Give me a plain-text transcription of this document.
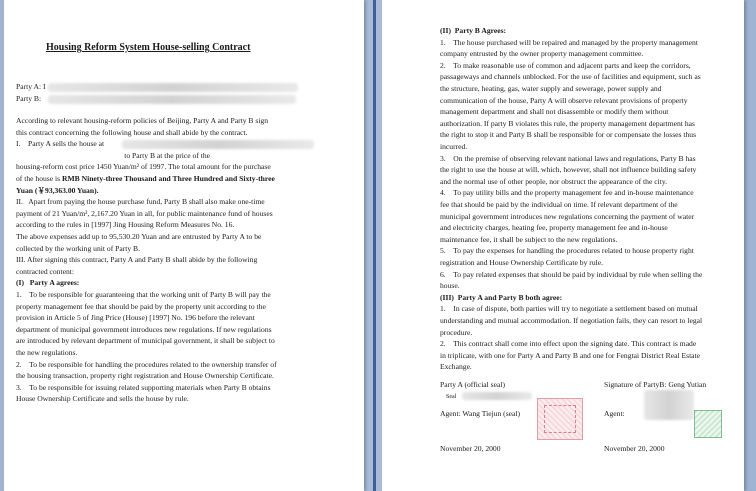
Housing Reform System House-selling Contract
Party A: I
Party B:
According to relevant housing-reform policies of Beijing, Party A and Party B sign
this contract concerning the following house and shall abide by the contract.
I.    Party A sells the house at
to Party B at the price of the
housing-reform cost price 1450 Yuan/m² of 1997. The total amount for the purchase
of the house is RMB Ninety-three Thousand and Three Hundred and Sixty-three
Yuan (￥93,363.00 Yuan).
II.   Apart from paying the house purchase fund, Party B shall also make one-time
payment of 21 Yuan/m², 2,167.20 Yuan in all, for public maintenance fund of houses
according to the rules in [1997] Jing Housing Reform Measures No. 16.
The above expenses add up to 95,530.20 Yuan and are entrusted by Party A to be
collected by the working unit of Party B.
III. After signing this contract, Party A and Party B shall abide by the following
contracted content:
(I)   Party A agrees:
1.    To be responsible for guaranteeing that the working unit of Party B will pay the
property management fee that should be paid by the property unit according to the
provision in Article 5 of Jing Price (House) [1997] No. 196 before the relevant
department of municipal government introduces new regulations. If new regulations
are introduced by relevant department of municipal government, it shall be subject to
the new regulations.
2.    To be responsible for handling the procedures related to the ownership transfer of
the housing transaction, property right registration and House Ownership Certificate.
3.    To be responsible for issuing related supporting materials when Party B obtains
House Ownership Certificate and sells the house by rule.
(II)  Party B Agrees:
1.    The house purchased will be repaired and managed by the property management
company entrusted by the owner property management committee.
2.    To make reasonable use of common and adjacent parts and keep the corridors,
passageways and channels unblocked. For the use of facilities and equipment, such as
the structure, heating, gas, water supply and sewerage, power supply and
communication of the house, Party A will observe relevant provisions of property
management department and shall not disassemble or modify them without
authorization. If party B violates this rule, the property management department has
the right to stop it and Party B shall be responsible for or compensate the losses thus
incurred.
3.    On the premise of observing relevant national laws and regulations, Party B has
the right to use the house at will, which, however, shall not influence building safety
and the normal use of other people, nor obstruct the appearance of the city.
4.    To pay utility bills and the property management fee and in-house maintenance
fee that should be paid by the individual on time. If relevant department of the
municipal government introduces new regulations concerning the payment of water
and electricity charges, heating fee, property management fee and in-house
maintenance fee, it shall be subject to the new regulations.
5.    To pay the expenses for handling the procedures related to house property right
registration and House Ownership Certificate by rule.
6.    To pay related expenses that should be paid by individual by rule when selling the
house.
(III)  Party A and Party B both agree:
1.    In case of dispute, both parties will try to negotiate a settlement based on mutual
understanding and mutual accommodation. If negotiation fails, they can resort to legal
procedure.
2.    This contract shall come into effect upon the signing date. This contract is made
in triplicate, with one for Party A and Party B and one for Fengtai District Real Estate
Exchange.
Party A (official seal)
Seal
Agent: Wang Tiejun (seal)
November 20, 2000
Signature of PartyB: Geng Yutian
Agent:
November 20, 2000
